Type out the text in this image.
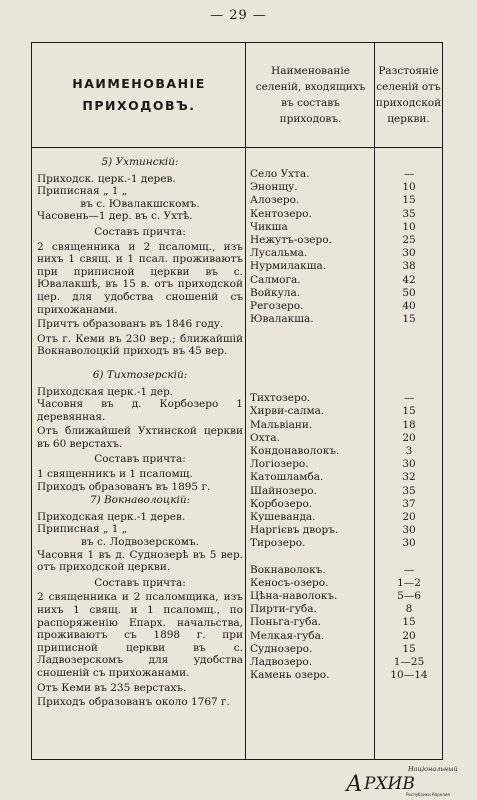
— 29 —
НАИМЕНОВАНІЕ ПРИХОДОВЪ.
Наименованіе селеній, входящихъ въ составъ приходовъ.
Разстояніе селеній отъ приходской церкви.
5) Ухтинскій:
Приходск. церк.-1 дерев.
Приписная „ 1 „
въ с. Ювалакшскомъ.
Часовень—1 дер. въ с. Ухтѣ.
Составъ причта:
2 священника и 2 псаломщ., изъ нихъ 1 свящ. и 1 псал. проживаютъ при приписной церкви въ с. Ювалакшѣ, въ 15 в. отъ приходской цер. для удобства сношеній съ прихожанами.
Причтъ образованъ въ 1846 году.
Отъ г. Кеми въ 230 вер.; ближайшій Вокнаволоцкій приходъ въ 45 вер.
6) Тихтозерскій:
Приходская церк.-1 дер.
Часовня въ д. Корбозеро 1 деревянная.
Отъ ближайшей Ухтинской церкви въ 60 верстахъ.
Составъ причта:
1 священникъ и 1 псаломщ.
Приходъ образованъ въ 1895 г.
7) Вокнаволоцкій:
Приходская церк.-1 дерев.
Приписная „ 1 „
въ с. Лодвозерскомъ.
Часовня 1 въ д. Суднозерѣ въ 5 вер. отъ приходской церкви.
Составъ причта:
2 священника и 2 псаломщика, изъ нихъ 1 свящ. и 1 псаломщ., по распоряженію Епарх. начальства, проживаютъ съ 1898 г. при приписной церкви въ с. Ладвозерскомъ для удобства сношеній съ прихожанами.
Отъ Кеми въ 235 верстахъ.
Приходъ образованъ около 1767 г.
Село Ухта.
Энонщу.
Алозеро.
Кентозеро.
Чикша
Нежутъ-озеро.
Лусальма.
Нурмилакша.
Салмога.
Войкула.
Регозеро.
Ювалакша.
Тихтозеро.
Хирви-салма.
Мальвіани.
Охта.
Кондонаволокъ.
Логіозеро.
Катошламба.
Шайнозеро.
Корбозеро.
Кушеванда.
Наргієвъ дворъ.
Тирозеро.
Вокнаволокъ.
Кеносъ-озеро.
Цѣна-наволокъ.
Пирти-губа.
Поньга-губа.
Мелкая-губа.
Суднозеро.
Ладвозеро.
Камень озеро.
—
10
15
35
10
25
30
38
42
50
40
15
—
15
18
20
3
30
32
35
37
20
30
30
—
1—2
5—6
8
15
20
15
1—25
10—14
Національный
А РХИВ
Республики Карелия
